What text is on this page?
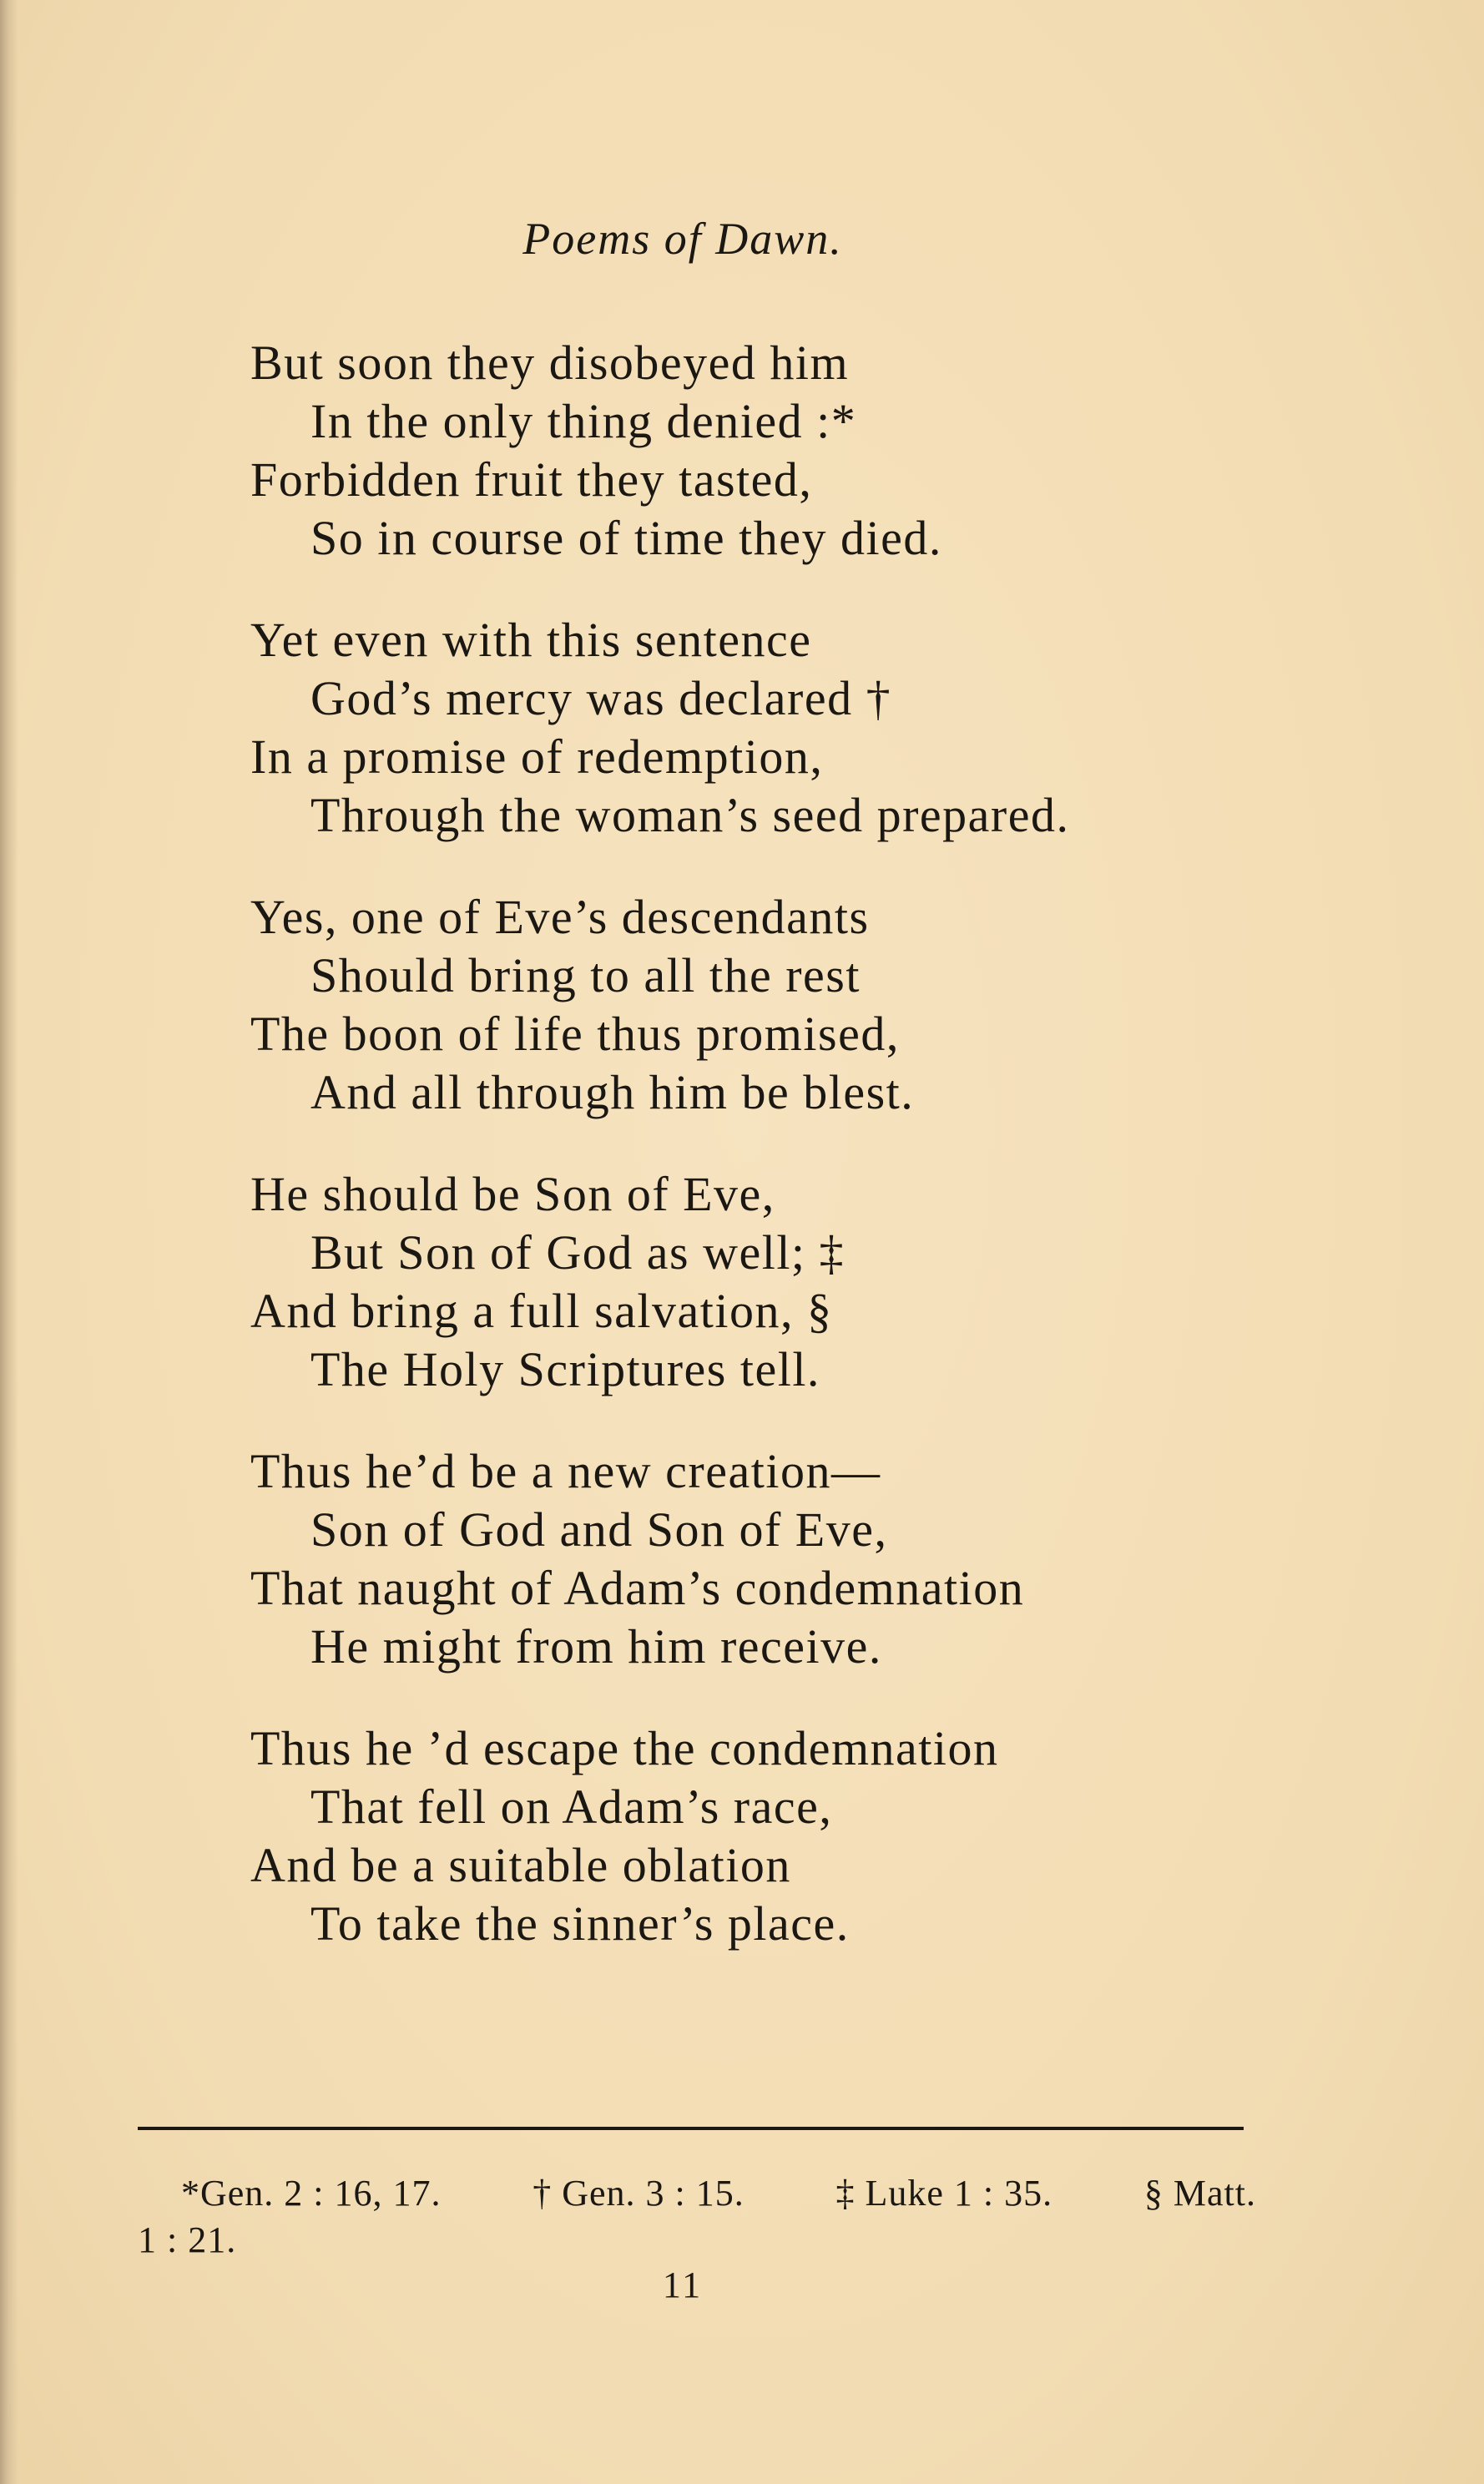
Poems of Dawn.
But soon they disobeyed him
In the only thing denied :*
Forbidden fruit they tasted,
So in course of time they died.
Yet even with this sentence
God’s mercy was declared †
In a promise of redemption,
Through the woman’s seed prepared.
Yes, one of Eve’s descendants
Should bring to all the rest
The boon of life thus promised,
And all through him be blest.
He should be Son of Eve,
But Son of God as well; ‡
And bring a full salvation, §
The Holy Scriptures tell.
Thus he’d be a new creation—
Son of God and Son of Eve,
That naught of Adam’s condemnation
He might from him receive.
Thus he ’d escape the condemnation
That fell on Adam’s race,
And be a suitable oblation
To take the sinner’s place.
*Gen. 2 : 16, 17. † Gen. 3 : 15. ‡ Luke 1 : 35. § Matt.
1 : 21.
11
